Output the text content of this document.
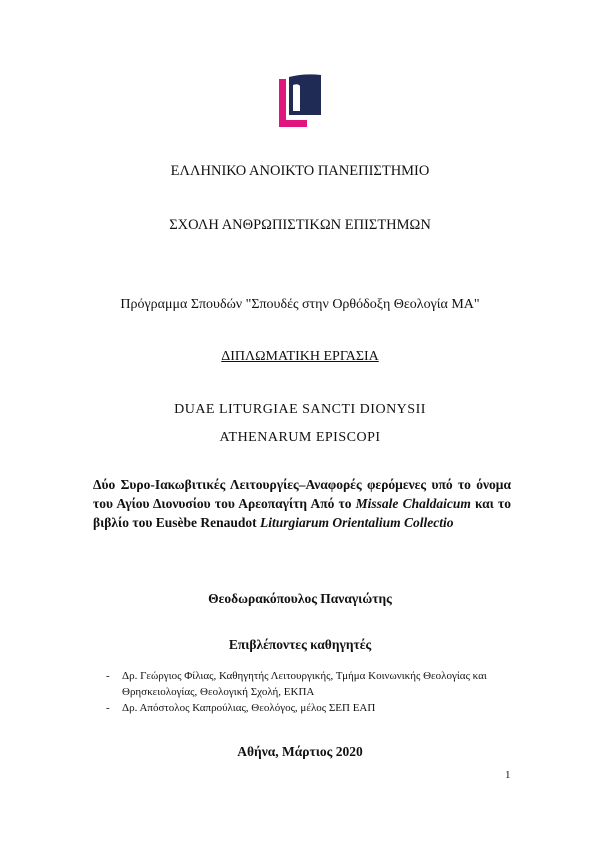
ΕΛΛΗΝΙΚΟ ΑΝΟΙΚΤΟ ΠΑΝΕΠΙΣΤΗΜΙΟ
ΣΧΟΛΗ ΑΝΘΡΩΠΙΣΤΙΚΩΝ ΕΠΙΣΤΗΜΩΝ
Πρόγραμμα Σπουδών "Σπουδές στην Ορθόδοξη Θεολογία ΜΑ"
ΔΙΠΛΩΜΑΤΙΚΗ ΕΡΓΑΣΙΑ
DUAE LITURGIAE SANCTI DIONYSII
ATHENARUM EPISCOPI
Δύο Συρο-Ιακωβιτικές Λειτουργίες–Αναφορές φερόμενες υπό το όνομα του Αγίου Διονυσίου του Αρεοπαγίτη Από το Missale Chaldaicum και το βιβλίο του Eusèbe Renaudot Liturgiarum Orientalium Collectio
Θεοδωρακόπουλος Παναγιώτης
Επιβλέποντες καθηγητές
- Δρ. Γεώργιος Φίλιας, Καθηγητής Λειτουργικής, Τμήμα Κοινωνικής Θεολογίας και Θρησκειολογίας, Θεολογική Σχολή, ΕΚΠΑ
- Δρ. Απόστολος Καπρούλιας, Θεολόγος, μέλος ΣΕΠ ΕΑΠ
Αθήνα, Μάρτιος 2020
1
